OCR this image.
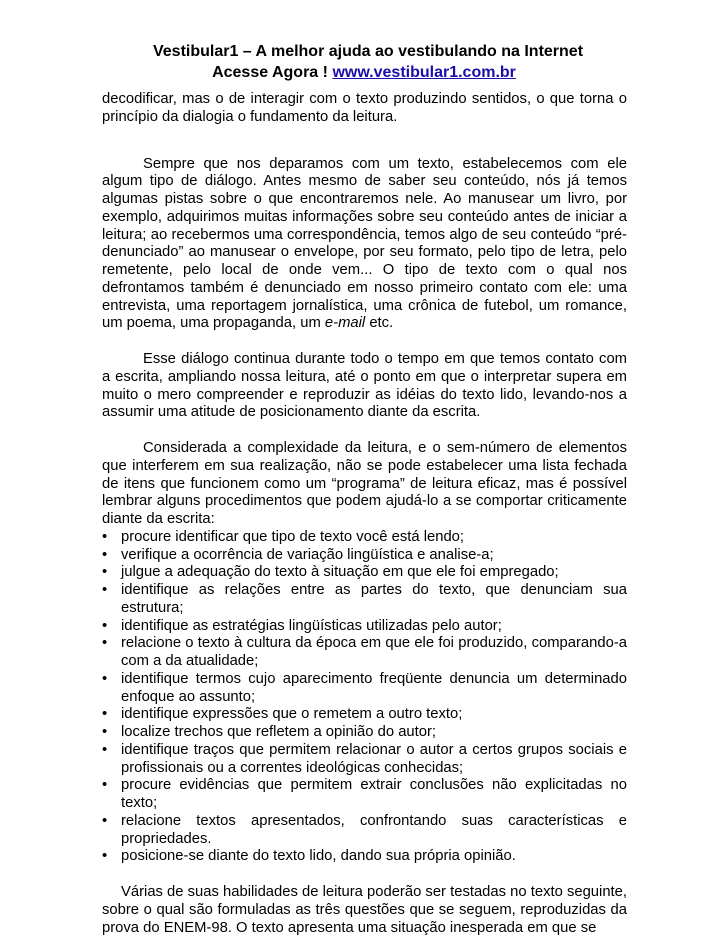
Vestibular1 – A melhor ajuda ao vestibulando na Internet
Acesse Agora ! www.vestibular1.com.br

decodificar, mas o de interagir com o texto produzindo sentidos, o que torna o princípio da dialogia o fundamento da leitura.

Sempre que nos deparamos com um texto, estabelecemos com ele algum tipo de diálogo. Antes mesmo de saber seu conteúdo, nós já temos algumas pistas sobre o que encontraremos nele. Ao manusear um livro, por exemplo, adquirimos muitas informações sobre seu conteúdo antes de iniciar a leitura; ao recebermos uma correspondência, temos algo de seu conteúdo “pré-denunciado” ao manusear o envelope, por seu formato, pelo tipo de letra, pelo remetente, pelo local de onde vem... O tipo de texto com o qual nos defrontamos também é denunciado em nosso primeiro contato com ele: uma entrevista, uma reportagem jornalística, uma crônica de futebol, um romance, um poema, uma propaganda, um e-mail etc.

Esse diálogo continua durante todo o tempo em que temos contato com a escrita, ampliando nossa leitura, até o ponto em que o interpretar supera em muito o mero compreender e reproduzir as idéias do texto lido, levando-nos a assumir uma atitude de posicionamento diante da escrita.

Considerada a complexidade da leitura, e o sem-número de elementos que interferem em sua realização, não se pode estabelecer uma lista fechada de itens que funcionem como um “programa” de leitura eficaz, mas é possível lembrar alguns procedimentos que podem ajudá-lo a se comportar criticamente diante da escrita:

• procure identificar que tipo de texto você está lendo;
• verifique a ocorrência de variação lingüística e analise-a;
• julgue a adequação do texto à situação em que ele foi empregado;
• identifique as relações entre as partes do texto, que denunciam sua estrutura;
• identifique as estratégias lingüísticas utilizadas pelo autor;
• relacione o texto à cultura da época em que ele foi produzido, comparando-a com a da atualidade;
• identifique termos cujo aparecimento freqüente denuncia um determinado enfoque ao assunto;
• identifique expressões que o remetem a outro texto;
• localize trechos que refletem a opinião do autor;
• identifique traços que permitem relacionar o autor a certos grupos sociais e profissionais ou a correntes ideológicas conhecidas;
• procure evidências que permitem extrair conclusões não explicitadas no texto;
• relacione textos apresentados, confrontando suas características e propriedades.
• posicione-se diante do texto lido, dando sua própria opinião.

Várias de suas habilidades de leitura poderão ser testadas no texto seguinte, sobre o qual são formuladas as três questões que se seguem, reproduzidas da prova do ENEM-98. O texto apresenta uma situação inesperada em que se
